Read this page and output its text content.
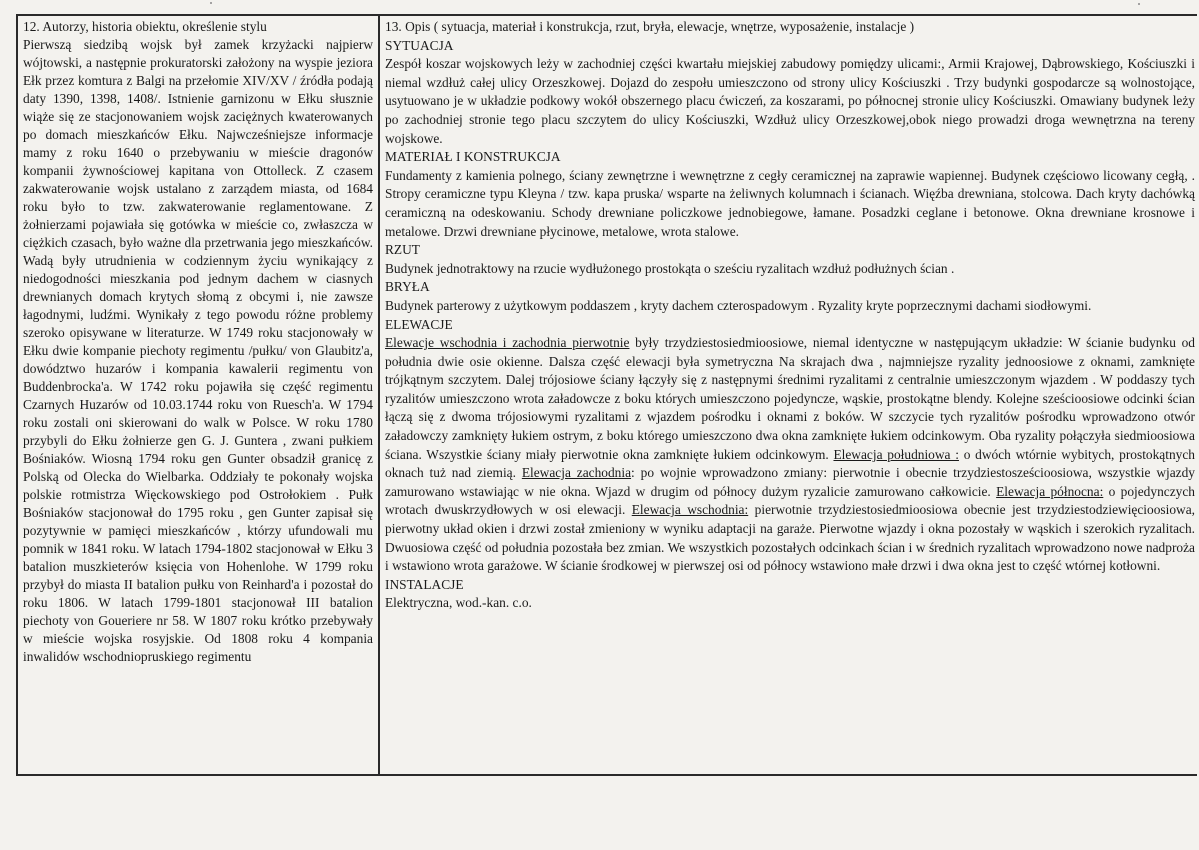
12. Autorzy, historia obiektu, określenie stylu

Pierwszą siedzibą wojsk był zamek krzyżacki najpierw wójtowski, a następnie prokuratorski założony na wyspie jeziora Ełk przez komtura z Balgi na przełomie XIV/XV / źródła podają daty 1390, 1398, 1408/. Istnienie garnizonu w Ełku słusznie wiąże się ze stacjonowaniem wojsk zaciężnych kwaterowanych po domach mieszkańców Ełku. Najwcześniejsze informacje mamy z roku 1640 o przebywaniu w mieście dragonów kompanii żywnościowej kapitana von Ottolleck. Z czasem zakwaterowanie wojsk ustalano z zarządem miasta, od 1684 roku było to tzw. zakwaterowanie reglamentowane. Z żołnierzami pojawiała się gotówka w mieście co, zwłaszcza w ciężkich czasach, było ważne dla przetrwania jego mieszkańców. Wadą były utrudnienia w codziennym życiu wynikający z niedogodności mieszkania pod jednym dachem w ciasnych drewnianych domach krytych słomą z obcymi i, nie zawsze łagodnymi, ludźmi. Wynikały z tego powodu różne problemy szeroko opisywane w literaturze. W 1749 roku stacjonowały w Ełku dwie kompanie piechoty regimentu /pułku/ von Glaubitz'a, dowództwo huzarów i kompania kawalerii regimentu von Buddenbrocka'a. W 1742 roku pojawiła się część regimentu Czarnych Huzarów od 10.03.1744 roku von Ruesch'a. W 1794 roku zostali oni skierowani do walk w Polsce. W roku 1780 przybyli do Ełku żołnierze gen G. J. Guntera , zwani pułkiem Bośniaków. Wiosną 1794 roku gen Gunter obsadził granicę z Polską od Olecka do Wielbarka. Oddziały te pokonały wojska polskie rotmistrza Więckowskiego pod Ostrołokiem . Pułk Bośniaków stacjonował do 1795 roku , gen Gunter zapisał się pozytywnie w pamięci mieszkańców , którzy ufundowali mu pomnik w 1841 roku. W latach 1794-1802 stacjonował w Ełku 3 batalion muszkieterów księcia von Hohenlohe. W 1799 roku przybył do miasta II batalion pułku von Reinhard'a i pozostał do roku 1806. W latach 1799-1801 stacjonował III batalion piechoty von Goueriere nr 58. W 1807 roku krótko przebywały w mieście wojska rosyjskie. Od 1808 roku 4 kompania inwalidów wschodniopruskiego regimentu

13. Opis ( sytuacja, materiał i konstrukcja, rzut, bryła, elewacje, wnętrze, wyposażenie, instalacje )
SYTUACJA

Zespół koszar wojskowych leży w zachodniej części kwartału miejskiej zabudowy pomiędzy ulicami:, Armii Krajowej, Dąbrowskiego, Kościuszki i niemal wzdłuż całej ulicy Orzeszkowej. Dojazd do zespołu umieszczono od strony ulicy Kościuszki . Trzy budynki gospodarcze są wolnostojące, usytuowano je w układzie podkowy wokół obszernego placu ćwiczeń, za koszarami, po północnej stronie ulicy Kościuszki. Omawiany budynek leży po zachodniej stronie tego placu szczytem do ulicy Kościuszki, Wzdłuż ulicy Orzeszkowej,obok niego prowadzi droga wewnętrzna na tereny wojskowe.

MATERIAŁ I KONSTRUKCJA

Fundamenty z kamienia polnego, ściany zewnętrzne i wewnętrzne z cegły ceramicznej na zaprawie wapiennej. Budynek częściowo licowany cegłą, . Stropy ceramiczne typu Kleyna / tzw. kapa pruska/ wsparte na żeliwnych kolumnach i ścianach. Więźba drewniana, stolcowa. Dach kryty dachówką ceramiczną na odeskowaniu. Schody drewniane policzkowe jednobiegowe, łamane. Posadzki ceglane i betonowe. Okna drewniane krosnowe i metalowe. Drzwi drewniane płycinowe, metalowe, wrota stalowe.

RZUT

Budynek jednotraktowy na rzucie wydłużonego prostokąta o sześciu ryzalitach wzdłuż podłużnych ścian .

BRYŁA

Budynek parterowy z użytkowym poddaszem , kryty dachem czterospadowym . Ryzality kryte poprzecznymi dachami siodłowymi.

ELEWACJE

Elewacje wschodnia i zachodnia pierwotnie były trzydziestosiedmioosiowe, niemal identyczne w następującym układzie: W ścianie budynku od południa dwie osie okienne. Dalsza część elewacji była symetryczna Na skrajach dwa , najmniejsze ryzality jednoosiowe z oknami, zamknięte trójkątnym szczytem. Dalej trójosiowe ściany łączyły się z następnymi średnimi ryzalitami z centralnie umieszczonym wjazdem . W poddaszy tych ryzalitów umieszczono wrota załadowcze z boku których umieszczono pojedyncze, wąskie, prostokątne blendy. Kolejne sześcioosiowe odcinki ścian łączą się z dwoma trójosiowymi ryzalitami z wjazdem pośrodku i oknami z boków. W szczycie tych ryzalitów pośrodku wprowadzono otwór załadowczy zamknięty łukiem ostrym, z boku którego umieszczono dwa okna zamknięte łukiem odcinkowym. Oba ryzality połączyła siedmioosiowa ściana. Wszystkie ściany miały pierwotnie okna zamknięte łukiem odcinkowym. Elewacja południowa : o dwóch wtórnie wybitych, prostokątnych oknach tuż nad ziemią. Elewacja zachodnia: po wojnie wprowadzono zmiany: pierwotnie i obecnie trzydziestosześcioosiowa, wszystkie wjazdy zamurowano wstawiając w nie okna. Wjazd w drugim od północy dużym ryzalicie zamurowano całkowicie. Elewacja północna: o pojedynczych wrotach dwuskrzydłowych w osi elewacji. Elewacja wschodnia: pierwotnie trzydziestosiedmioosiowa obecnie jest trzydziestodziewięcioosiowa, pierwotny układ okien i drzwi został zmieniony w wyniku adaptacji na garaże. Pierwotne wjazdy i okna pozostały w wąskich i szerokich ryzalitach. Dwuosiowa część od południa pozostała bez zmian. We wszystkich pozostałych odcinkach ścian i w średnich ryzalitach wprowadzono nowe nadproża i wstawiono wrota garażowe. W ścianie środkowej w pierwszej osi od północy wstawiono małe drzwi i dwa okna jest to część wtórnej kotłowni.

INSTALACJE

Elektryczna, wod.-kan. c.o.
